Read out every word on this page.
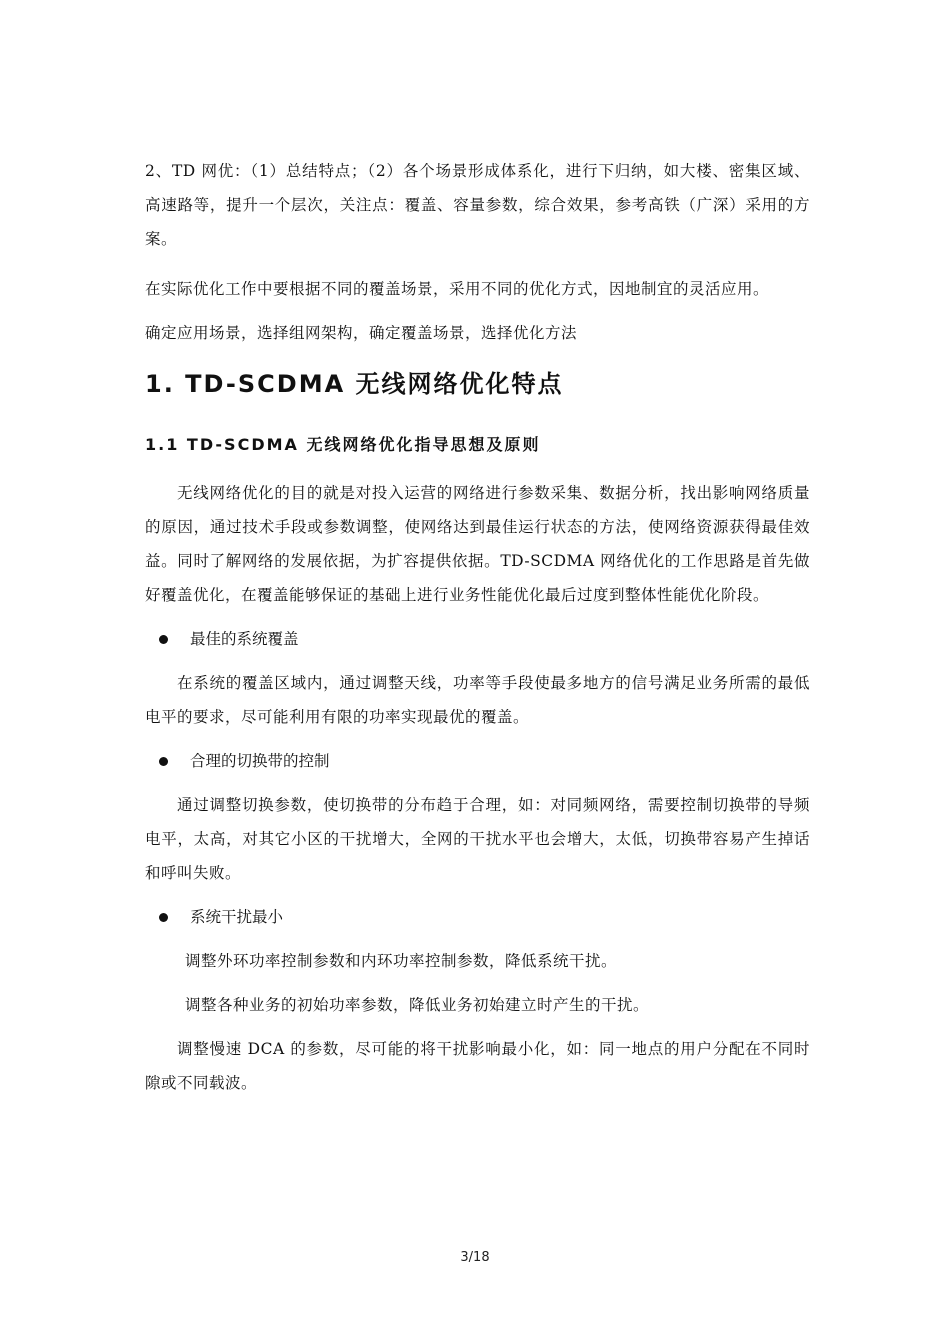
2、TD 网优：（1）总结特点；（2）各个场景形成体系化，进行下归纳，如大楼、密集区域、高速路等，提升一个层次，关注点：覆盖、容量参数，综合效果，参考高铁（广深）采用的方案。

在实际优化工作中要根据不同的覆盖场景，采用不同的优化方式，因地制宜的灵活应用。

确定应用场景，选择组网架构，确定覆盖场景，选择优化方法

1. TD-SCDMA 无线网络优化特点
1.1 TD-SCDMA 无线网络优化指导思想及原则

无线网络优化的目的就是对投入运营的网络进行参数采集、数据分析，找出影响网络质量的原因，通过技术手段或参数调整，使网络达到最佳运行状态的方法，使网络资源获得最佳效益。同时了解网络的发展依据，为扩容提供依据。TD-SCDMA 网络优化的工作思路是首先做好覆盖优化，在覆盖能够保证的基础上进行业务性能优化最后过度到整体性能优化阶段。

最佳的系统覆盖

在系统的覆盖区域内，通过调整天线，功率等手段使最多地方的信号满足业务所需的最低电平的要求，尽可能利用有限的功率实现最优的覆盖。

合理的切换带的控制

通过调整切换参数，使切换带的分布趋于合理，如：对同频网络，需要控制切换带的导频电平，太高，对其它小区的干扰增大，全网的干扰水平也会增大，太低，切换带容易产生掉话和呼叫失败。

系统干扰最小

调整外环功率控制参数和内环功率控制参数，降低系统干扰。

调整各种业务的初始功率参数，降低业务初始建立时产生的干扰。

调整慢速 DCA 的参数，尽可能的将干扰影响最小化，如：同一地点的用户分配在不同时隙或不同载波。

3/18
